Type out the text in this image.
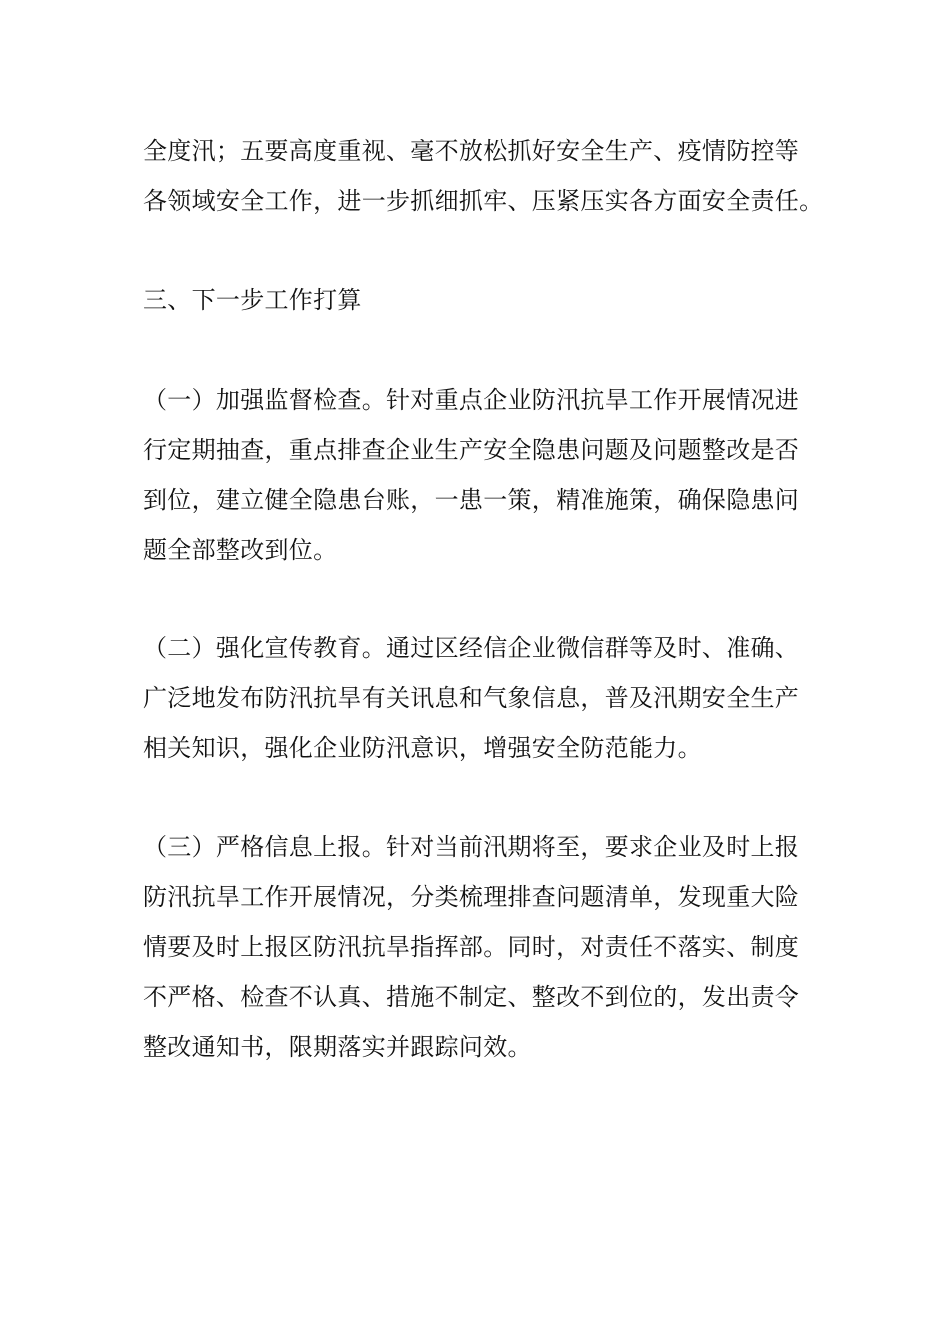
全度汛；五要高度重视、毫不放松抓好安全生产、疫情防控等
各领域安全工作，进一步抓细抓牢、压紧压实各方面安全责任。
三、下一步工作打算
（一）加强监督检查。针对重点企业防汛抗旱工作开展情况进
行定期抽查，重点排查企业生产安全隐患问题及问题整改是否
到位，建立健全隐患台账，一患一策，精准施策，确保隐患问
题全部整改到位。
（二）强化宣传教育。通过区经信企业微信群等及时、准确、
广泛地发布防汛抗旱有关讯息和气象信息，普及汛期安全生产
相关知识，强化企业防汛意识，增强安全防范能力。
（三）严格信息上报。针对当前汛期将至，要求企业及时上报
防汛抗旱工作开展情况，分类梳理排查问题清单，发现重大险
情要及时上报区防汛抗旱指挥部。同时，对责任不落实、制度
不严格、检查不认真、措施不制定、整改不到位的，发出责令
整改通知书，限期落实并跟踪问效。
